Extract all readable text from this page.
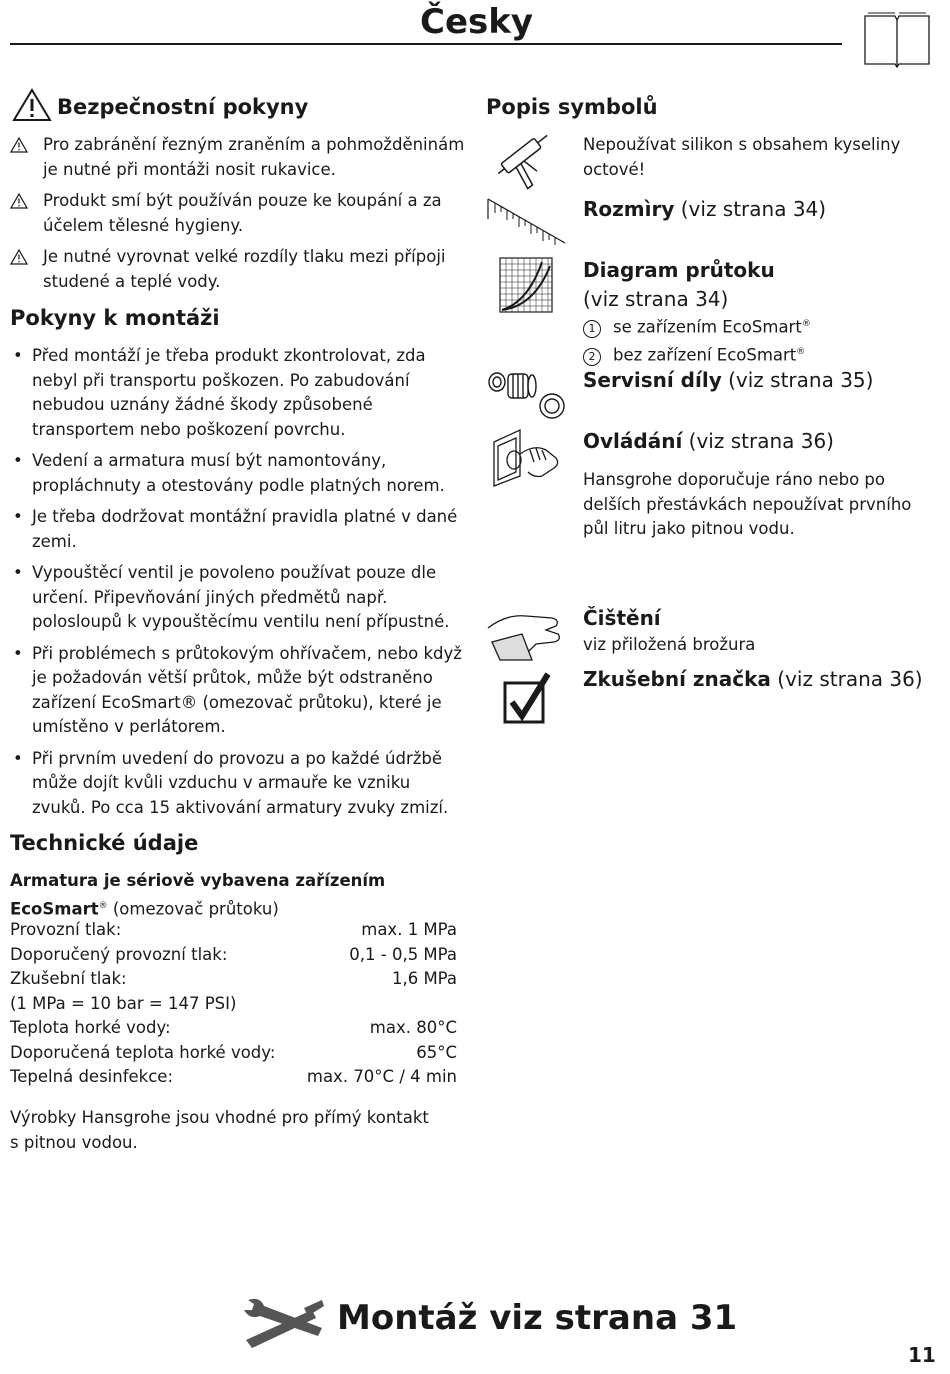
Česky
Bezpečnostní pokyny
Pro zabránění řezným zraněním a pohmožděninám je nutné při montáži nosit rukavice.
Produkt smí být používán pouze ke koupání a za účelem tělesné hygieny.
Je nutné vyrovnat velké rozdíly tlaku mezi přípoji studené a teplé vody.
Pokyny k montáži
• Před montáží je třeba produkt zkontrolovat, zda nebyl při transportu poškozen. Po zabudování nebudou uznány žádné škody způsobené transportem nebo poškození povrchu.
• Vedení a armatura musí být namontovány, propláchnuty a otestovány podle platných norem.
• Je třeba dodržovat montážní pravidla platné v dané zemi.
• Vypouštěcí ventil je povoleno používat pouze dle určení. Připevňování jiných předmětů např. polosloupů k vypouštěcímu ventilu není přípustné.
• Při problémech s průtokovým ohřívačem, nebo když je požadován větší průtok, může být odstraněno zařízení EcoSmart® (omezovač průtoku), které je umístěno v perlátorem.
• Při prvním uvedení do provozu a po každé údržbě může dojít kvůli vzduchu v armauře ke vzniku zvuků. Po cca 15 aktivování armatury zvuky zmizí.
Technické údaje
Armatura je sériově vybavena zařízením EcoSmart® (omezovač průtoku)
Provozní tlak:	max. 1 MPa
Doporučený provozní tlak:	0,1 - 0,5 MPa
Zkušební tlak:	1,6 MPa
(1 MPa = 10 bar = 147 PSI)
Teplota horké vody:	max. 80°C
Doporučená teplota horké vody:	65°C
Tepelná desinfekce:	max. 70°C / 4 min
Výrobky Hansgrohe jsou vhodné pro přímý kontakt s pitnou vodou.
Popis symbolů
Nepoužívat silikon s obsahem kyseliny octové!
Rozmìry (viz strana 34)
Diagram průtoku
(viz strana 34)
1 se zařízením EcoSmart®
2 bez zařízení EcoSmart®
Servisní díly (viz strana 35)
Ovládání (viz strana 36)
Hansgrohe doporučuje ráno nebo po delších přestávkách nepoužívat prvního půl litru jako pitnou vodu.
Čištění
viz přiložená brožura
Zkušební značka (viz strana 36)
Montáž viz strana 31
11
